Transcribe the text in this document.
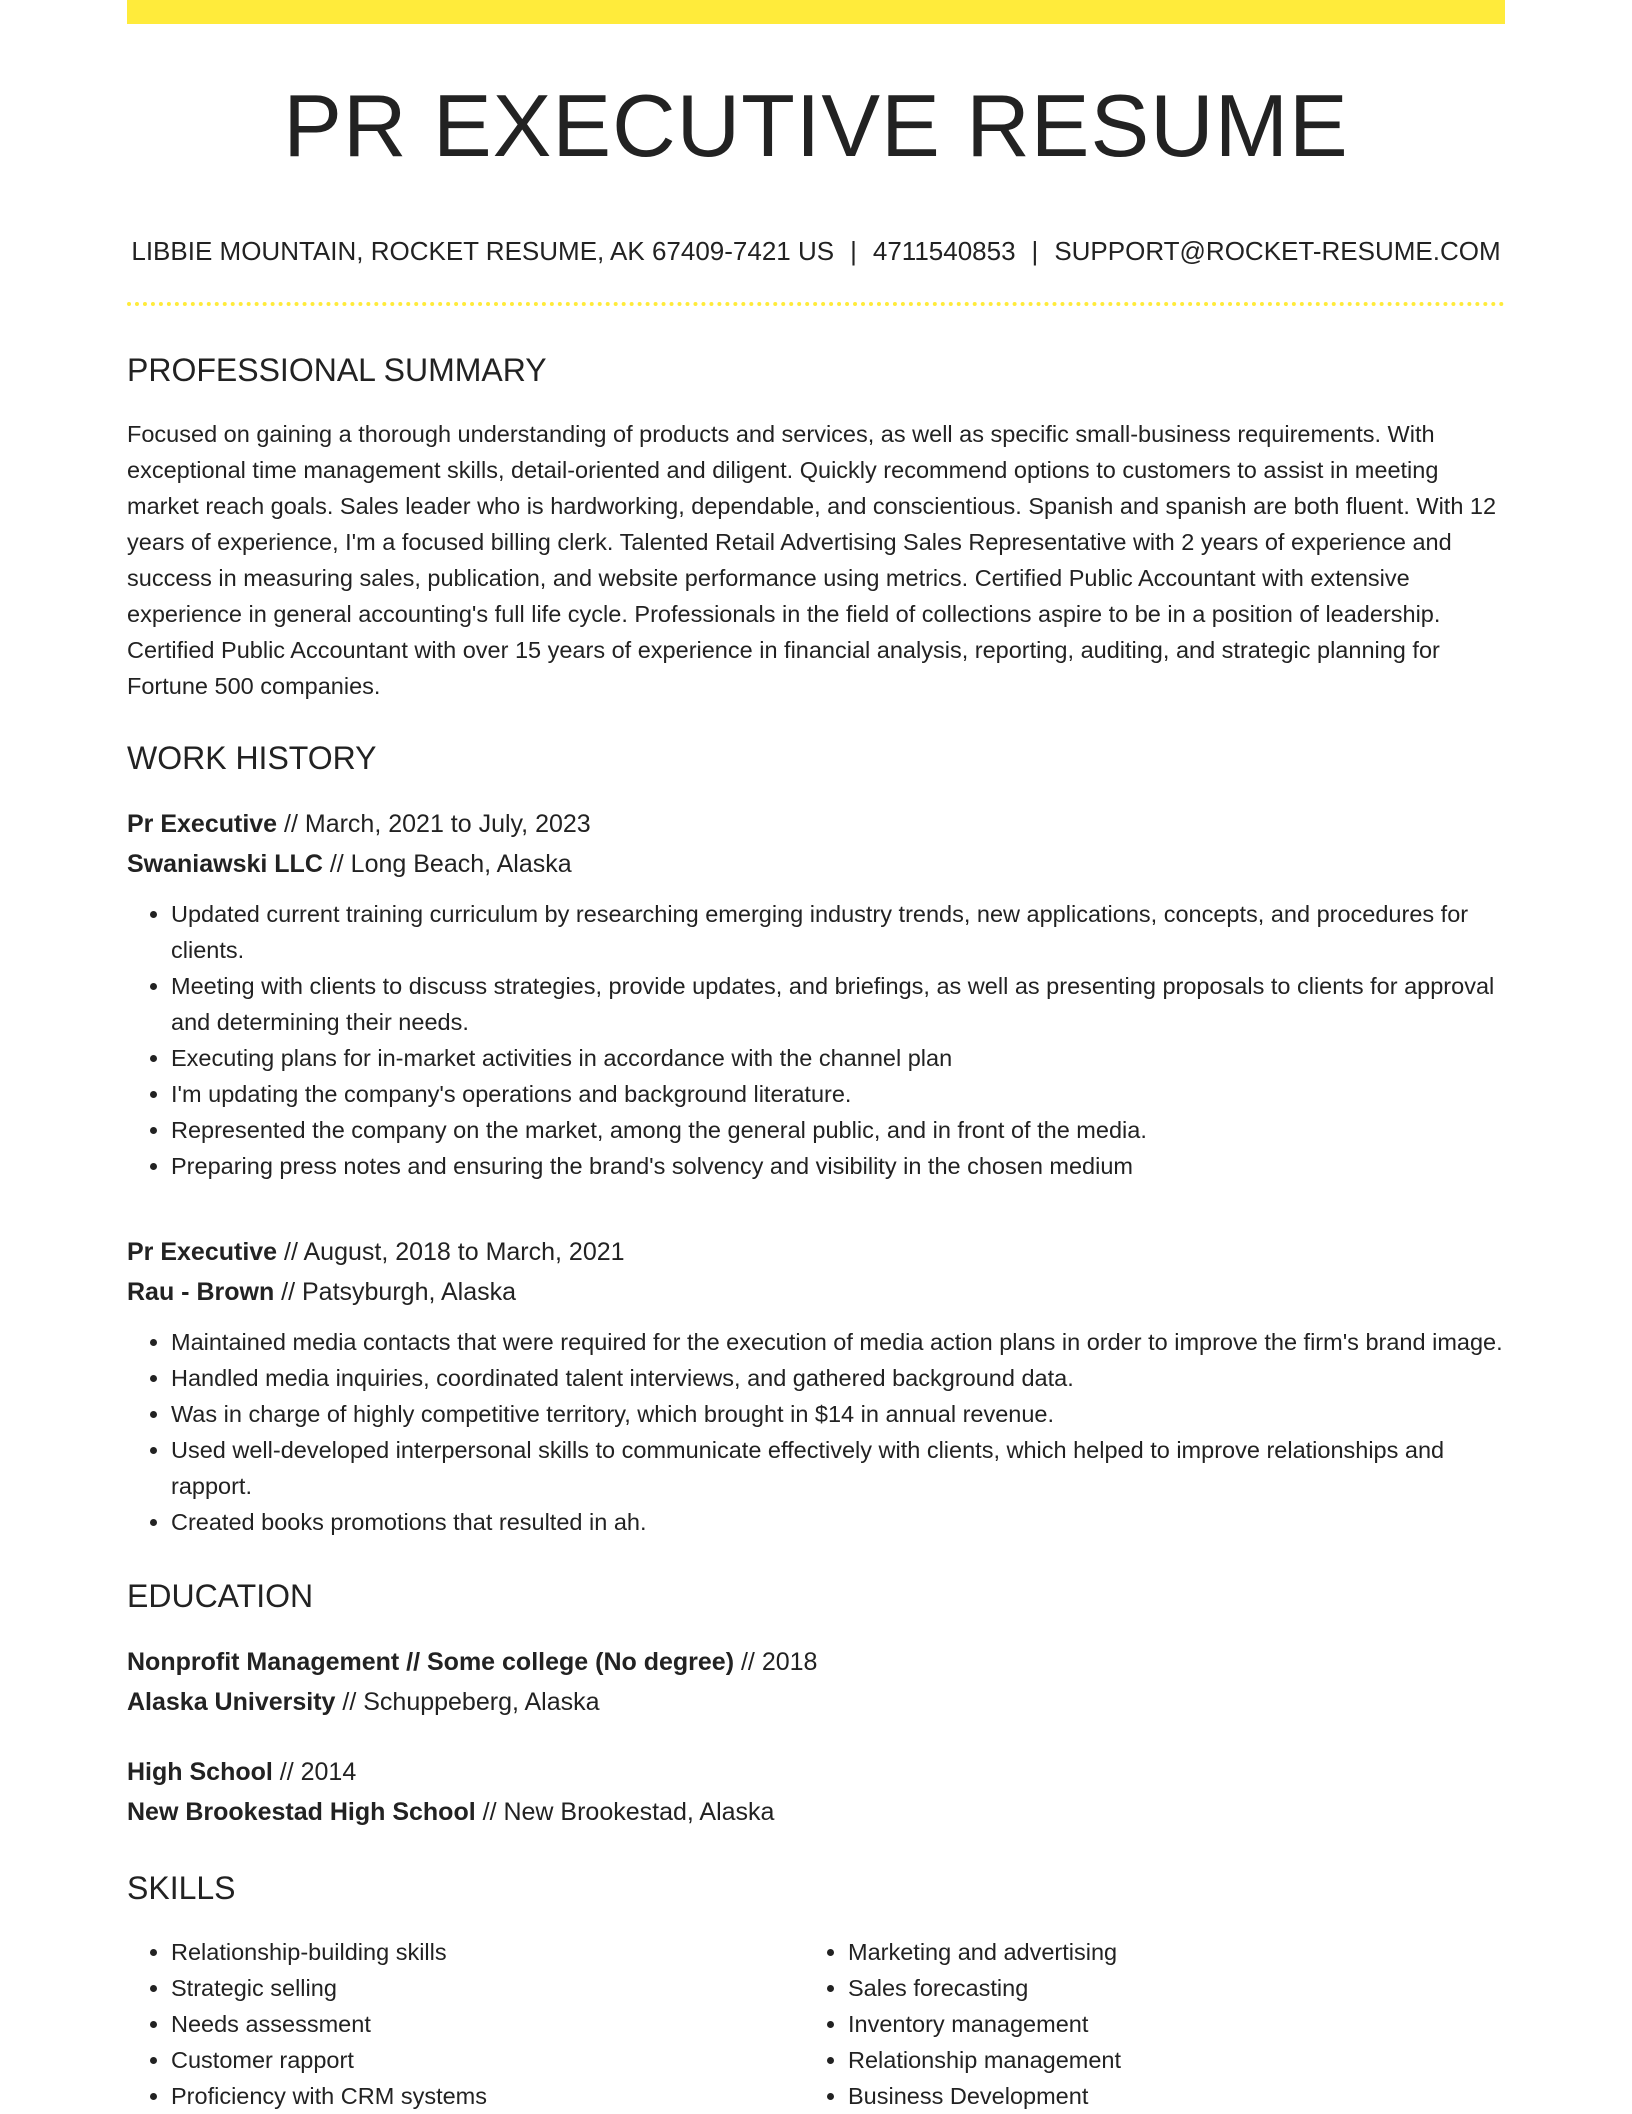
PR EXECUTIVE RESUME
LIBBIE MOUNTAIN, ROCKET RESUME, AK 67409-7421 US | 4711540853 | SUPPORT@ROCKET-RESUME.COM
PROFESSIONAL SUMMARY

Focused on gaining a thorough understanding of products and services, as well as specific small-business requirements. With exceptional time management skills, detail-oriented and diligent. Quickly recommend options to customers to assist in meeting market reach goals. Sales leader who is hardworking, dependable, and conscientious. Spanish and spanish are both fluent. With 12 years of experience, I'm a focused billing clerk. Talented Retail Advertising Sales Representative with 2 years of experience and success in measuring sales, publication, and website performance using metrics. Certified Public Accountant with extensive experience in general accounting's full life cycle. Professionals in the field of collections aspire to be in a position of leadership. Certified Public Accountant with over 15 years of experience in financial analysis, reporting, auditing, and strategic planning for Fortune 500 companies.

WORK HISTORY
Pr Executive // March, 2021 to July, 2023
Swaniawski LLC // Long Beach, Alaska
• Updated current training curriculum by researching emerging industry trends, new applications, concepts, and procedures for clients.
• Meeting with clients to discuss strategies, provide updates, and briefings, as well as presenting proposals to clients for approval and determining their needs.
• Executing plans for in-market activities in accordance with the channel plan
• I'm updating the company's operations and background literature.
• Represented the company on the market, among the general public, and in front of the media.
• Preparing press notes and ensuring the brand's solvency and visibility in the chosen medium
Pr Executive // August, 2018 to March, 2021
Rau - Brown // Patsyburgh, Alaska
• Maintained media contacts that were required for the execution of media action plans in order to improve the firm's brand image.
• Handled media inquiries, coordinated talent interviews, and gathered background data.
• Was in charge of highly competitive territory, which brought in $14 in annual revenue.
• Used well-developed interpersonal skills to communicate effectively with clients, which helped to improve relationships and rapport.
• Created books promotions that resulted in ah.
EDUCATION
Nonprofit Management // Some college (No degree) // 2018
Alaska University // Schuppeberg, Alaska
High School // 2014
New Brookestad High School // New Brookestad, Alaska
SKILLS
• Relationship-building skills
• Strategic selling
• Needs assessment
• Customer rapport
• Proficiency with CRM systems
• Marketing and advertising
• Sales forecasting
• Inventory management
• Relationship management
• Business Development
